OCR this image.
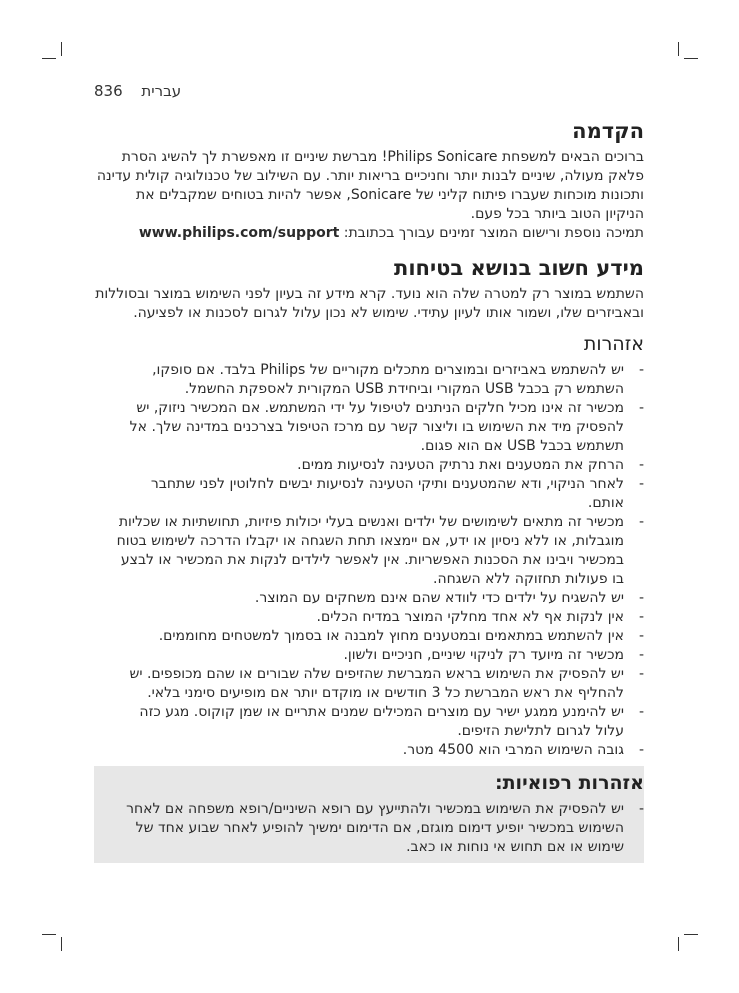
836 עברית
הקדמה

ברוכים הבאים למשפחת Philips Sonicare! מברשת שיניים זו מאפשרת לך להשיג הסרת פלאק מעולה, שיניים לבנות יותר וחניכיים בריאות יותר. עם השילוב של טכנולוגיה קולית עדינה ותכונות מוכחות שעברו פיתוח קליני של Sonicare, אפשר להיות בטוחים שמקבלים את הניקיון הטוב ביותר בכל פעם.

תמיכה נוספת ורישום המוצר זמינים עבורך בכתובת: www.philips.com/support

מידע חשוב בנושא בטיחות

השתמש במוצר רק למטרה שלה הוא נועד. קרא מידע זה בעיון לפני השימוש במוצר ובסוללות ובאביזרים שלו, ושמור אותו לעיון עתידי. שימוש לא נכון עלול לגרום לסכנות או לפציעה.

אזהרות
-
יש להשתמש באביזרים ובמוצרים מתכלים מקוריים של Philips בלבד. אם סופקו, השתמש רק בכבל USB המקורי וביחידת USB המקורית לאספקת החשמל.
-
מכשיר זה אינו מכיל חלקים הניתנים לטיפול על ידי המשתמש. אם המכשיר ניזוק, יש להפסיק מיד את השימוש בו וליצור קשר עם מרכז הטיפול בצרכנים במדינה שלך. אל תשתמש בכבל USB אם הוא פגום.
-
הרחק את המטענים ואת נרתיק הטעינה לנסיעות ממים.
-
לאחר הניקוי, ודא שהמטענים ותיקי הטעינה לנסיעות יבשים לחלוטין לפני שתחבר אותם.
-
מכשיר זה מתאים לשימושים של ילדים ואנשים בעלי יכולות פיזיות, תחושתיות או שכליות מוגבלות, או ללא ניסיון או ידע, אם יימצאו תחת השגחה או יקבלו הדרכה לשימוש בטוח במכשיר ויבינו את הסכנות האפשריות. אין לאפשר לילדים לנקות את המכשיר או לבצע בו פעולות תחזוקה ללא השגחה.
-
יש להשגיח על ילדים כדי לוודא שהם אינם משחקים עם המוצר.
-
אין לנקות אף לא אחד מחלקי המוצר במדיח הכלים.
-
אין להשתמש במתאמים ובמטענים מחוץ למבנה או בסמוך למשטחים מחוממים.
-
מכשיר זה מיועד רק לניקוי שיניים, חניכיים ולשון.
-
יש להפסיק את השימוש בראש המברשת שהזיפים שלה שבורים או שהם מכופפים. יש להחליף את ראש המברשת כל 3 חודשים או מוקדם יותר אם מופיעים סימני בלאי.
-
יש להימנע ממגע ישיר עם מוצרים המכילים שמנים אתריים או שמן קוקוס. מגע כזה עלול לגרום לתלישת הזיפים.
-
גובה השימוש המרבי הוא 4500 מטר.
אזהרות רפואיות:
-
יש להפסיק את השימוש במכשיר ולהתייעץ עם רופא השיניים/רופא משפחה אם לאחר השימוש במכשיר יופיע דימום מוגזם, אם הדימום ימשיך להופיע לאחר שבוע אחד של שימוש או אם תחוש אי נוחות או כאב.
